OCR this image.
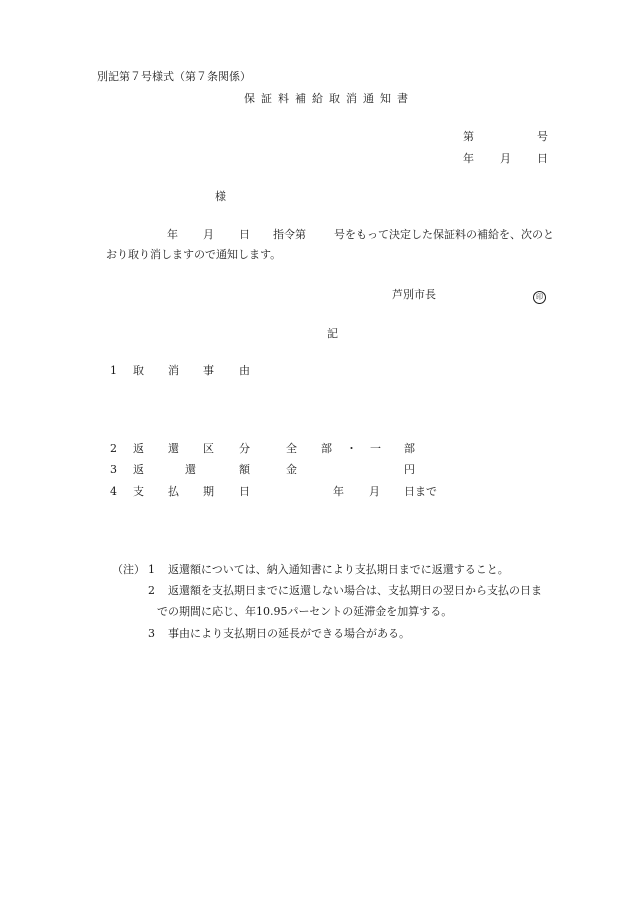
別記第７号様式（第７条関係）
保証料補給取消通知書
第	号
年 月 日
様
年 月 日 指令第	号をもって決定した保証料の補給を、次のと
おり取り消しますので通知します。
芦別市長	印
記
1 取 消 事 由
2 返 還 区 分	全 部 ・ 一 部
3 返	還	額	金	円
4 支 払 期 日	年 月 日まで
（注） 1 返還額については、納入通知書により支払期日までに返還すること。
2 返還額を支払期日までに返還しない場合は、支払期日の翌日から支払の日ま
での期間に応じ、年10.95パーセントの延滞金を加算する。
3 事由により支払期日の延長ができる場合がある。
